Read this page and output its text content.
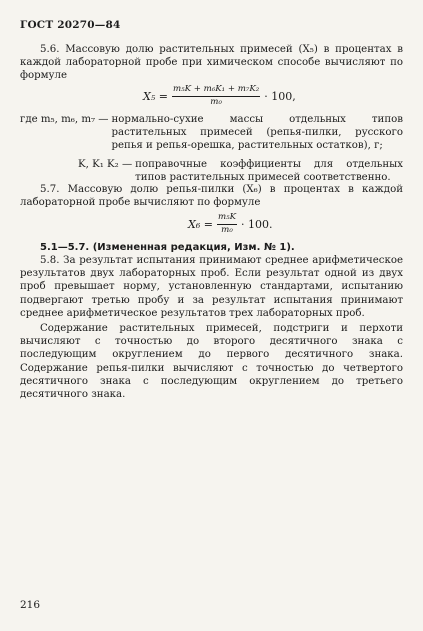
ГОСТ 20270—84
5.6. Массовую долю растительных примесей (X₅) в процентах в каждой лабораторной пробе при химическом способе вычисляют по формуле
$X_5 = \frac{\text{m₅K + m₆K₁ + m₇K₂}}{\text{m₀}} \cdot 100$,
где m₅, m₆, m₇ — нормально-сухие массы отдельных типов растительных примесей (репья-пилки, русского репья и репья-орешка, растительных остатков), г;
K, K₁ K₂ — поправочные коэффициенты для отдельных типов растительных примесей соответственно.
5.7. Массовую долю репья-пилки (X₆) в процентах в каждой лабораторной пробе вычисляют по формуле
$X_6 = \frac{\text{m₅K}}{\text{m₀}} \cdot 100$.
5.1—5.7. (Измененная редакция, Изм. № 1).
5.8. За результат испытания принимают среднее арифметическое результатов двух лабораторных проб. Если результат одной из двух проб превышает норму, установленную стандартами, испытанию подвергают третью пробу и за результат испытания принимают среднее арифметическое результатов трех лабораторных проб.
Содержание растительных примесей, подстриги и перхоти вычисляют с точностью до второго десятичного знака с последующим округлением до первого десятичного знака. Содержание репья-пилки вычисляют с точностью до четвертого десятичного знака с последующим округлением до третьего десятичного знака.
216
